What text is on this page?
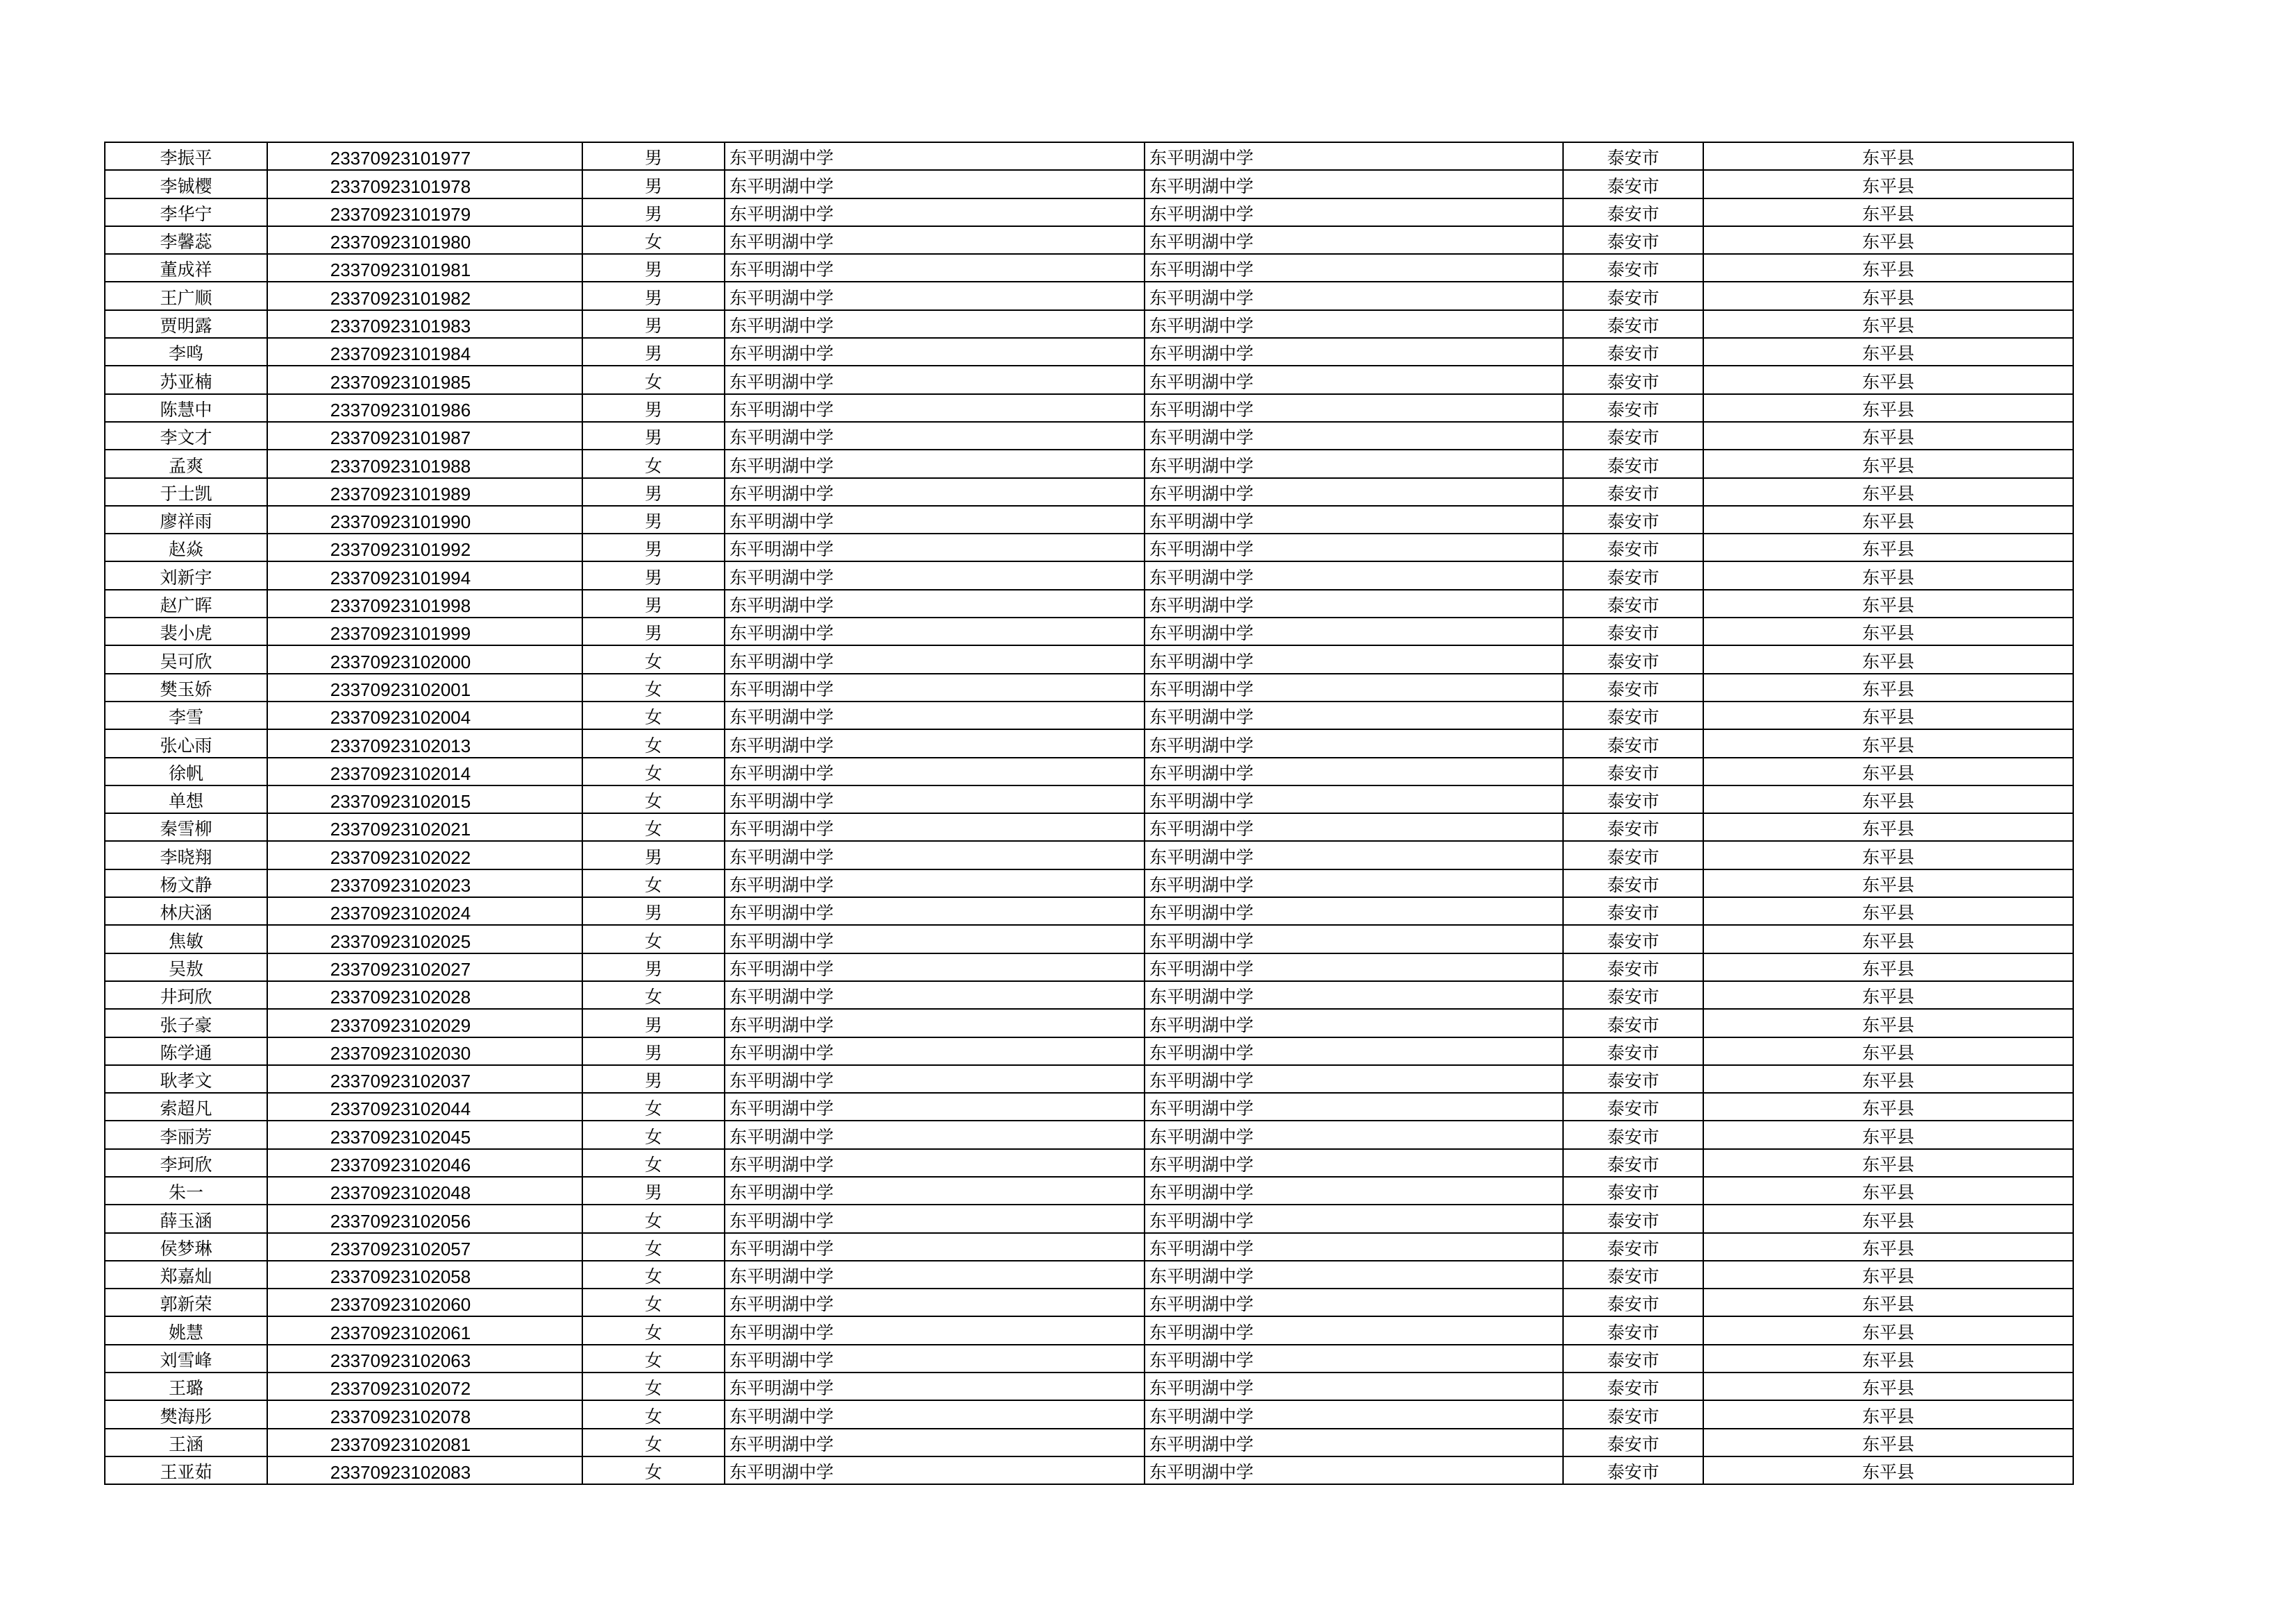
李振平	23370923101977	男	东平明湖中学	东平明湖中学	泰安市	东平县
李铖樱	23370923101978	男	东平明湖中学	东平明湖中学	泰安市	东平县
李华宁	23370923101979	男	东平明湖中学	东平明湖中学	泰安市	东平县
李馨蕊	23370923101980	女	东平明湖中学	东平明湖中学	泰安市	东平县
董成祥	23370923101981	男	东平明湖中学	东平明湖中学	泰安市	东平县
王广顺	23370923101982	男	东平明湖中学	东平明湖中学	泰安市	东平县
贾明露	23370923101983	男	东平明湖中学	东平明湖中学	泰安市	东平县
李鸣	23370923101984	男	东平明湖中学	东平明湖中学	泰安市	东平县
苏亚楠	23370923101985	女	东平明湖中学	东平明湖中学	泰安市	东平县
陈慧中	23370923101986	男	东平明湖中学	东平明湖中学	泰安市	东平县
李文才	23370923101987	男	东平明湖中学	东平明湖中学	泰安市	东平县
孟爽	23370923101988	女	东平明湖中学	东平明湖中学	泰安市	东平县
于士凯	23370923101989	男	东平明湖中学	东平明湖中学	泰安市	东平县
廖祥雨	23370923101990	男	东平明湖中学	东平明湖中学	泰安市	东平县
赵焱	23370923101992	男	东平明湖中学	东平明湖中学	泰安市	东平县
刘新宇	23370923101994	男	东平明湖中学	东平明湖中学	泰安市	东平县
赵广晖	23370923101998	男	东平明湖中学	东平明湖中学	泰安市	东平县
裴小虎	23370923101999	男	东平明湖中学	东平明湖中学	泰安市	东平县
吴可欣	23370923102000	女	东平明湖中学	东平明湖中学	泰安市	东平县
樊玉娇	23370923102001	女	东平明湖中学	东平明湖中学	泰安市	东平县
李雪	23370923102004	女	东平明湖中学	东平明湖中学	泰安市	东平县
张心雨	23370923102013	女	东平明湖中学	东平明湖中学	泰安市	东平县
徐帆	23370923102014	女	东平明湖中学	东平明湖中学	泰安市	东平县
单想	23370923102015	女	东平明湖中学	东平明湖中学	泰安市	东平县
秦雪柳	23370923102021	女	东平明湖中学	东平明湖中学	泰安市	东平县
李晓翔	23370923102022	男	东平明湖中学	东平明湖中学	泰安市	东平县
杨文静	23370923102023	女	东平明湖中学	东平明湖中学	泰安市	东平县
林庆涵	23370923102024	男	东平明湖中学	东平明湖中学	泰安市	东平县
焦敏	23370923102025	女	东平明湖中学	东平明湖中学	泰安市	东平县
吴敖	23370923102027	男	东平明湖中学	东平明湖中学	泰安市	东平县
井珂欣	23370923102028	女	东平明湖中学	东平明湖中学	泰安市	东平县
张子豪	23370923102029	男	东平明湖中学	东平明湖中学	泰安市	东平县
陈学通	23370923102030	男	东平明湖中学	东平明湖中学	泰安市	东平县
耿孝文	23370923102037	男	东平明湖中学	东平明湖中学	泰安市	东平县
索超凡	23370923102044	女	东平明湖中学	东平明湖中学	泰安市	东平县
李丽芳	23370923102045	女	东平明湖中学	东平明湖中学	泰安市	东平县
李珂欣	23370923102046	女	东平明湖中学	东平明湖中学	泰安市	东平县
朱一	23370923102048	男	东平明湖中学	东平明湖中学	泰安市	东平县
薛玉涵	23370923102056	女	东平明湖中学	东平明湖中学	泰安市	东平县
侯梦琳	23370923102057	女	东平明湖中学	东平明湖中学	泰安市	东平县
郑嘉灿	23370923102058	女	东平明湖中学	东平明湖中学	泰安市	东平县
郭新荣	23370923102060	女	东平明湖中学	东平明湖中学	泰安市	东平县
姚慧	23370923102061	女	东平明湖中学	东平明湖中学	泰安市	东平县
刘雪峰	23370923102063	女	东平明湖中学	东平明湖中学	泰安市	东平县
王璐	23370923102072	女	东平明湖中学	东平明湖中学	泰安市	东平县
樊海彤	23370923102078	女	东平明湖中学	东平明湖中学	泰安市	东平县
王涵	23370923102081	女	东平明湖中学	东平明湖中学	泰安市	东平县
王亚茹	23370923102083	女	东平明湖中学	东平明湖中学	泰安市	东平县
